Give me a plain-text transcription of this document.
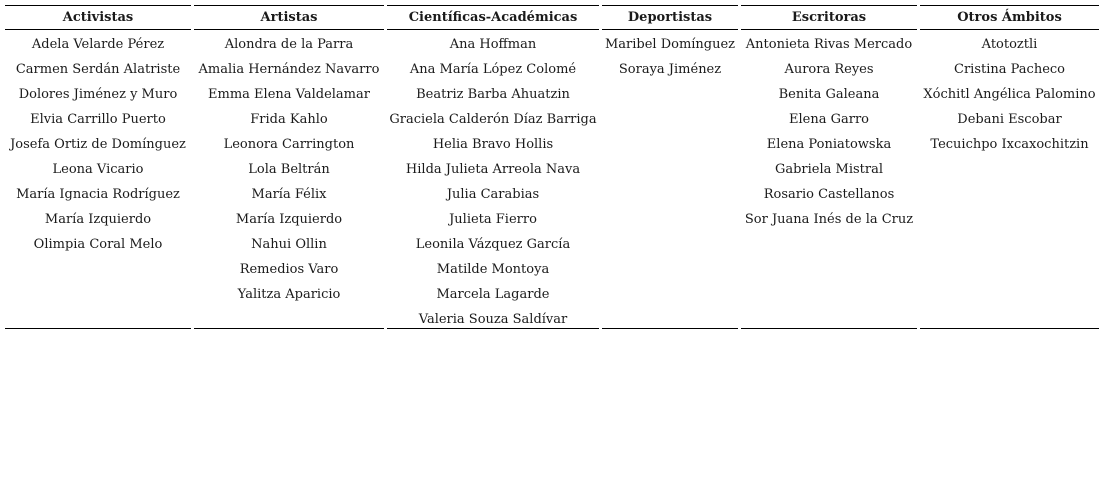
Activistas
Adela Velarde Pérez
Carmen Serdán Alatriste
Dolores Jiménez y Muro
Elvia Carrillo Puerto
Josefa Ortiz de Domínguez
Leona Vicario
María Ignacia Rodríguez
María Izquierdo
Olimpia Coral Melo
Artistas
Alondra de la Parra
Amalia Hernández Navarro
Emma Elena Valdelamar
Frida Kahlo
Leonora Carrington
Lola Beltrán
María Félix
María Izquierdo
Nahui Ollin
Remedios Varo
Yalitza Aparicio
Científicas-Académicas
Ana Hoffman
Ana María López Colomé
Beatriz Barba Ahuatzin
Graciela Calderón Díaz Barriga
Helia Bravo Hollis
Hilda Julieta Arreola Nava
Julia Carabias
Julieta Fierro
Leonila Vázquez García
Matilde Montoya
Marcela Lagarde
Valeria Souza Saldívar
Deportistas
Maribel Domínguez
Soraya Jiménez
Escritoras
Antonieta Rivas Mercado
Aurora Reyes
Benita Galeana
Elena Garro
Elena Poniatowska
Gabriela Mistral
Rosario Castellanos
Sor Juana Inés de la Cruz
Otros Ámbitos
Atotoztli
Cristina Pacheco
Xóchitl Angélica Palomino
Debani Escobar
Tecuichpo Ixcaxochitzin
